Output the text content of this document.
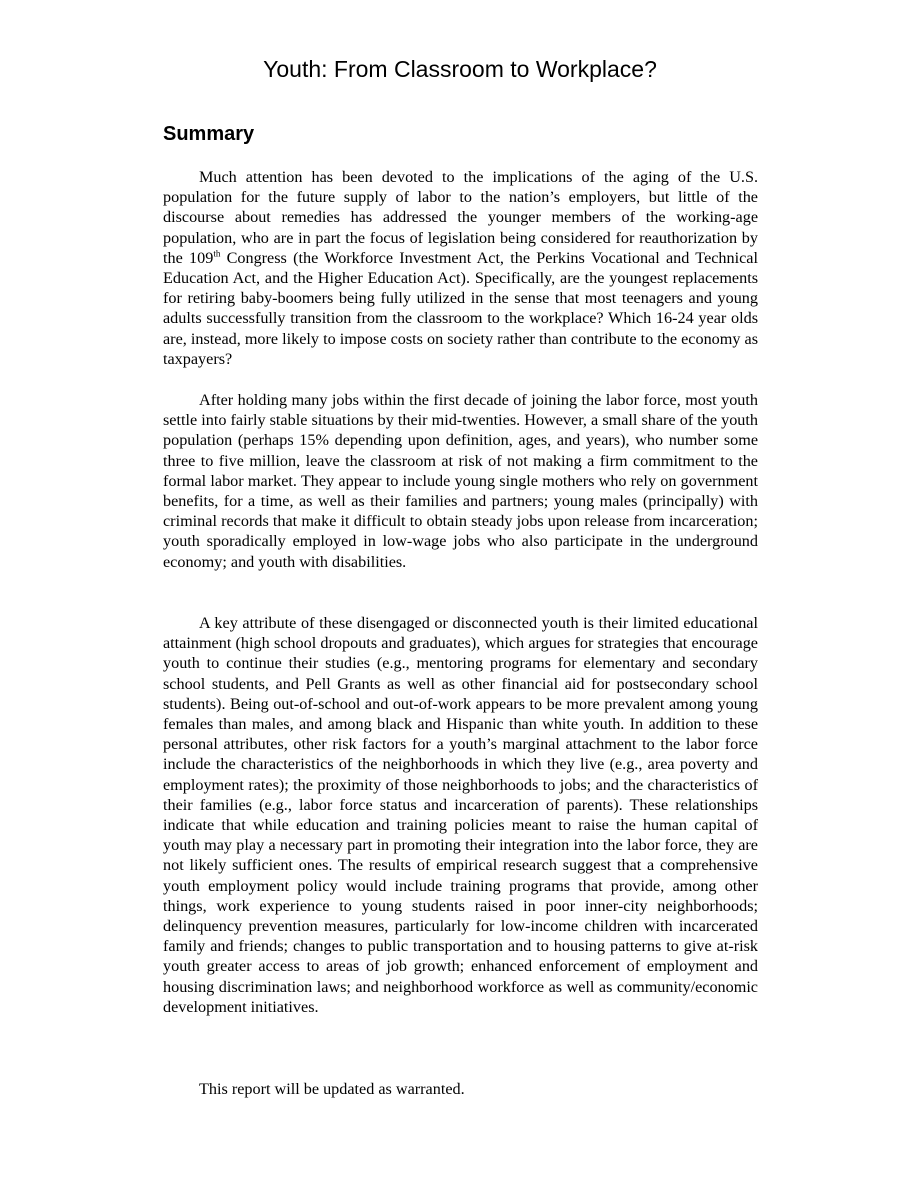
Youth: From Classroom to Workplace?
Summary

Much attention has been devoted to the implications of the aging of the U.S. population for the future supply of labor to the nation’s employers, but little of the discourse about remedies has addressed the younger members of the working-age population, who are in part the focus of legislation being considered for reauthorization by the 109th Congress (the Workforce Investment Act, the Perkins Vocational and Technical Education Act, and the Higher Education Act). Specifically, are the youngest replacements for retiring baby-boomers being fully utilized in the sense that most teenagers and young adults successfully transition from the classroom to the workplace? Which 16-24 year olds are, instead, more likely to impose costs on society rather than contribute to the economy as taxpayers?

After holding many jobs within the first decade of joining the labor force, most youth settle into fairly stable situations by their mid-twenties. However, a small share of the youth population (perhaps 15% depending upon definition, ages, and years), who number some three to five million, leave the classroom at risk of not making a firm commitment to the formal labor market. They appear to include young single mothers who rely on government benefits, for a time, as well as their families and partners; young males (principally) with criminal records that make it difficult to obtain steady jobs upon release from incarceration; youth sporadically employed in low-wage jobs who also participate in the underground economy; and youth with disabilities.

A key attribute of these disengaged or disconnected youth is their limited educational attainment (high school dropouts and graduates), which argues for strategies that encourage youth to continue their studies (e.g., mentoring programs for elementary and secondary school students, and Pell Grants as well as other financial aid for postsecondary school students). Being out-of-school and out-of-work appears to be more prevalent among young females than males, and among black and Hispanic than white youth. In addition to these personal attributes, other risk factors for a youth’s marginal attachment to the labor force include the characteristics of the neighborhoods in which they live (e.g., area poverty and employment rates); the proximity of those neighborhoods to jobs; and the characteristics of their families (e.g., labor force status and incarceration of parents). These relationships indicate that while education and training policies meant to raise the human capital of youth may play a necessary part in promoting their integration into the labor force, they are not likely sufficient ones. The results of empirical research suggest that a comprehensive youth employment policy would include training programs that provide, among other things, work experience to young students raised in poor inner-city neighborhoods; delinquency prevention measures, particularly for low-income children with incarcerated family and friends; changes to public transportation and to housing patterns to give at-risk youth greater access to areas of job growth; enhanced enforcement of employment and housing discrimination laws; and neighborhood workforce as well as community/economic development initiatives.

This report will be updated as warranted.
